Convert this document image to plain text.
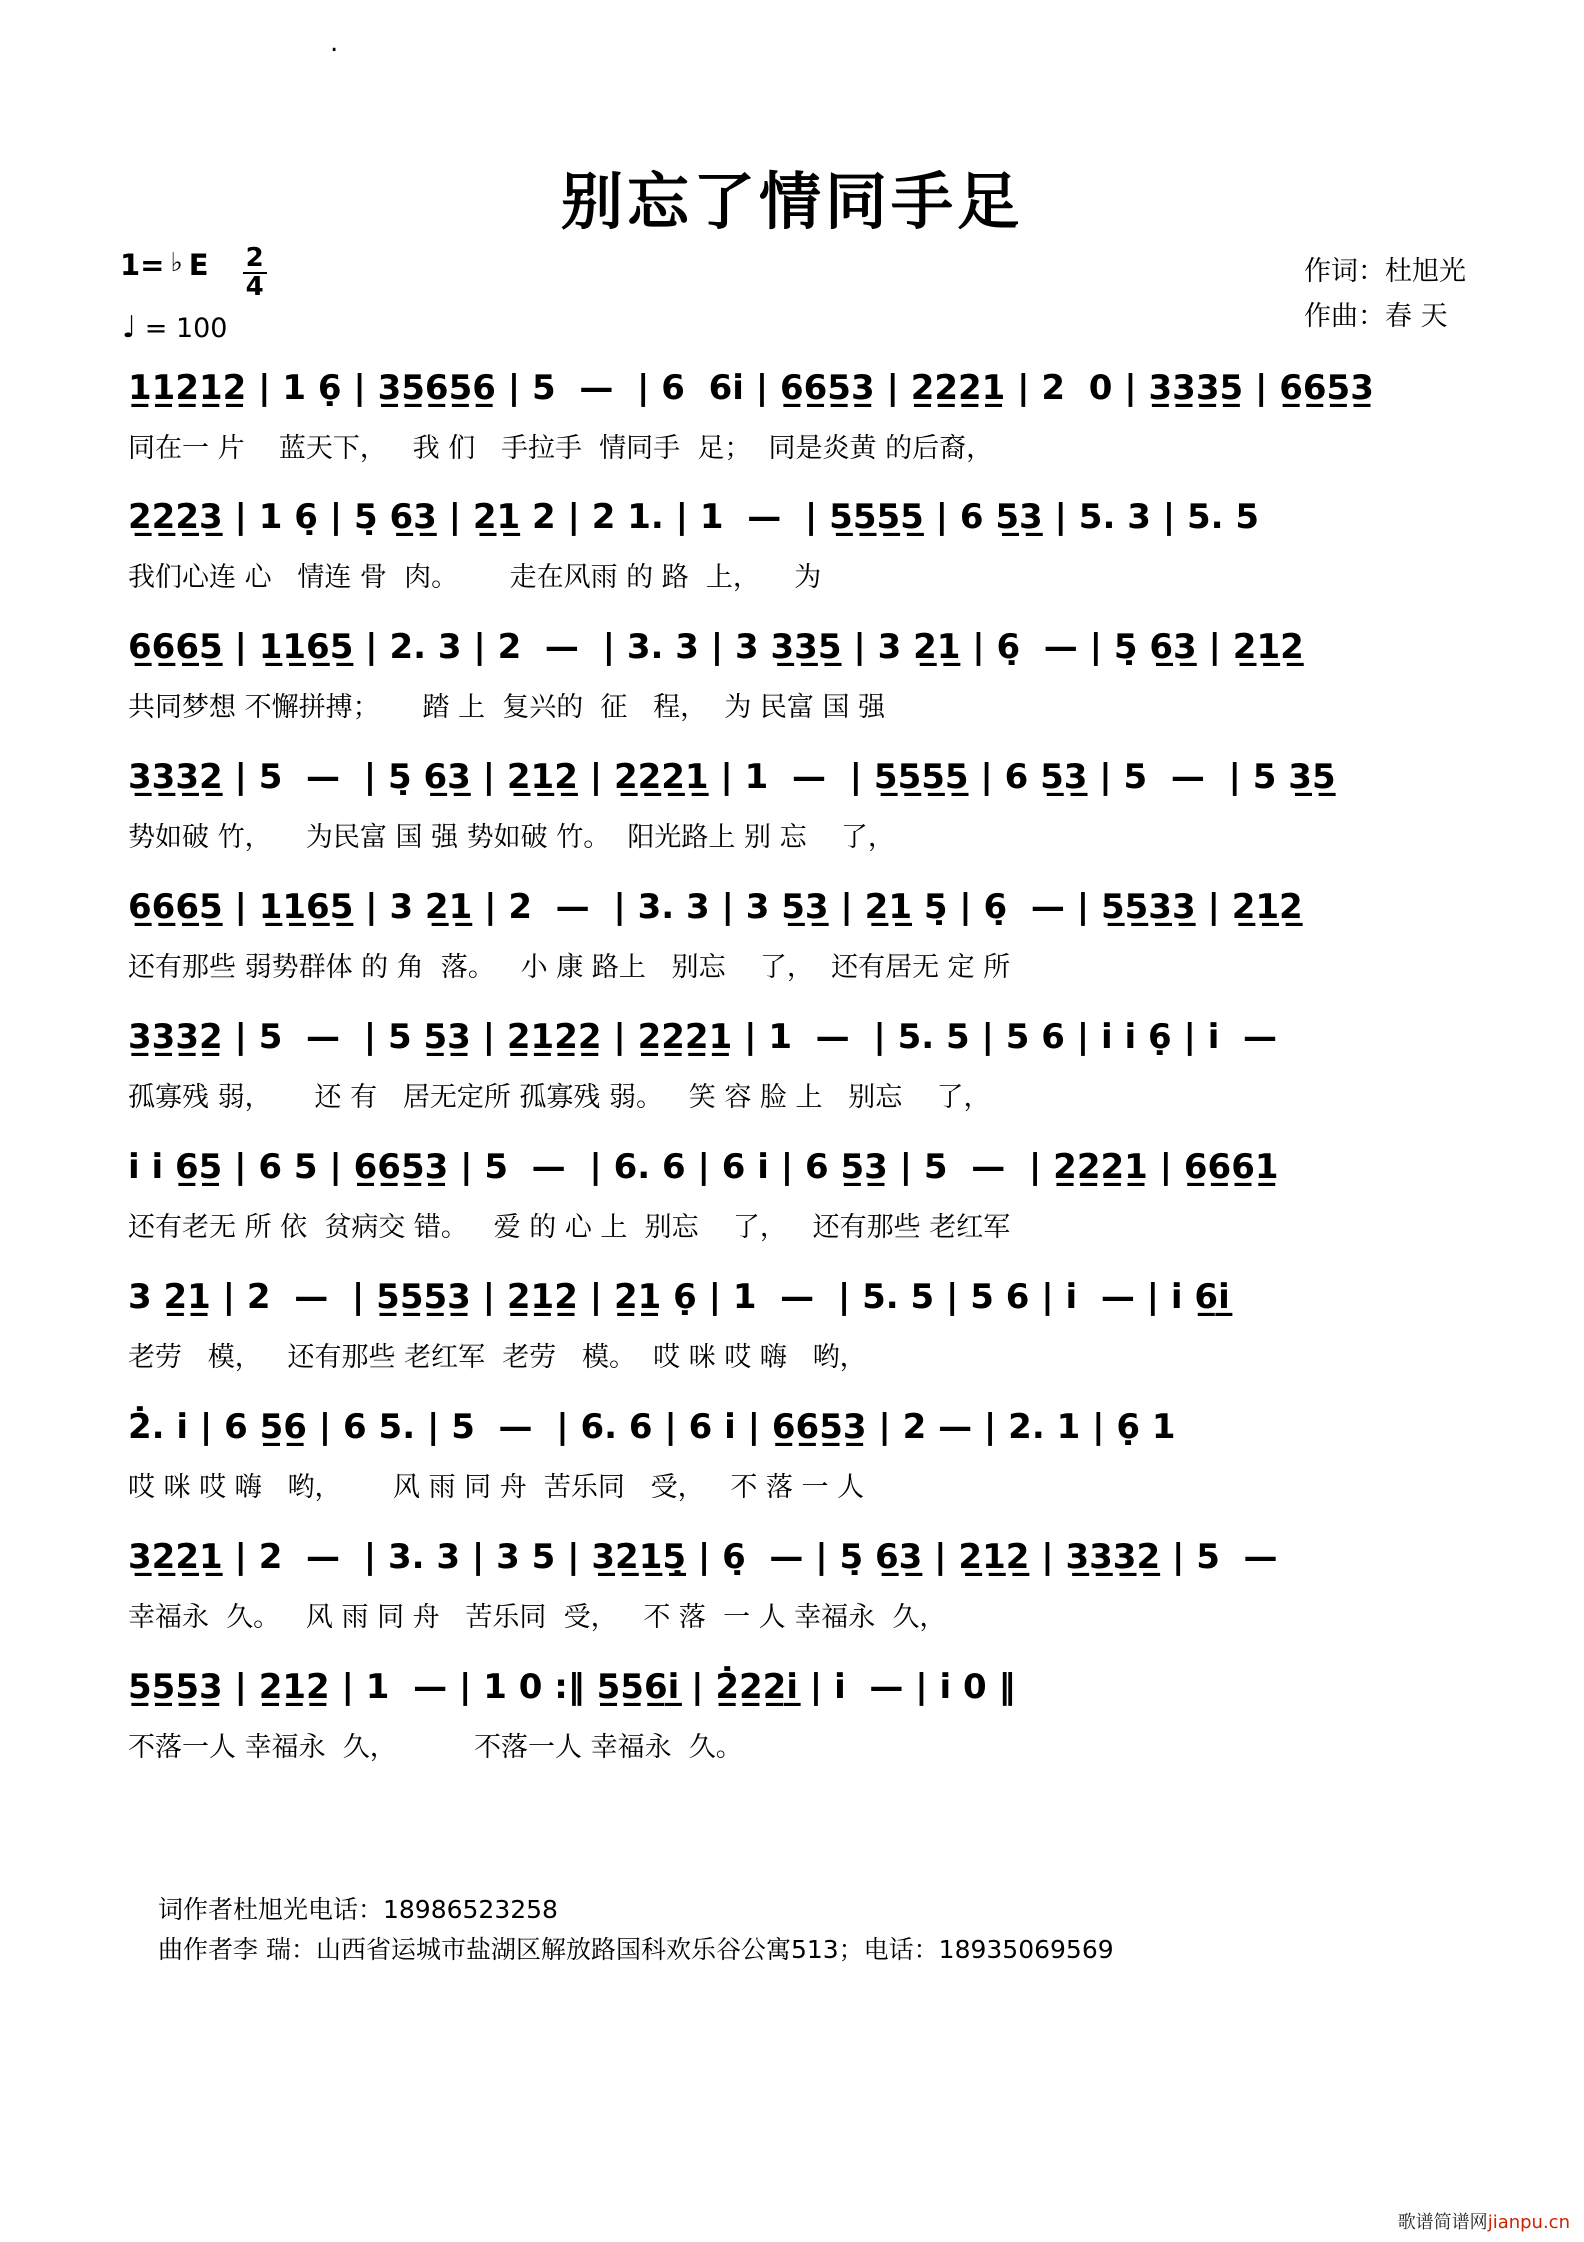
.
别忘了情同手足
1= ♭ E $\frac{2}{4}$
♩ = 100
作词：杜旭光
作曲：春 天
1̲1̲2̲1̲2̲ | 1 6̣ | 3̲5̲6̲5̲6̲ | 5  —  | 6  6i̇ | 6̲6̲5̲3̲ | 2̲2̲2̲1̲ | 2  0 | 3̲3̲3̲5̲ | 6̲6̲5̲3̲
同在一 片    蓝天下，   我 们   手拉手  情同手  足；  同是炎黄 的后裔，
2̲2̲2̲3̲ | 1 6̣ | 5̣ 6̲3̲ | 2̲1̲ 2 | 2 1. | 1  —  | 5̲5̲5̲5̲ | 6 5̲3̲ | 5. 3 | 5. 5
我们心连 心   情连 骨  肉。      走在风雨 的 路  上，    为
6̲6̲6̲5̲ | 1̲1̲6̲5̲ | 2. 3 | 2  —  | 3. 3 | 3 3̲3̲5̲ | 3 2̲1̲ | 6̣  — | 5̣ 6̲3̲ | 2̲1̲2̲
共同梦想 不懈拼搏；     踏 上  复兴的  征   程，  为 民富 国 强
3̲3̲3̲2̲ | 5  —  | 5̣ 6̲3̲ | 2̲1̲2̲ | 2̲2̲2̲1̲ | 1  —  | 5̲5̲5̲5̲ | 6 5̲3̲ | 5  —  | 5 3̲5̲
势如破 竹，    为民富 国 强 势如破 竹。  阳光路上 别 忘    了，
6̲6̲6̲5̲ | 1̲1̲6̲5̲ | 3 2̲1̲ | 2  —  | 3. 3 | 3 5̲3̲ | 2̲1̲ 5̣ | 6̣  — | 5̲5̲3̲3̲ | 2̲1̲2̲
还有那些 弱势群体 的 角  落。   小 康 路上   别忘    了，  还有居无 定 所
3̲3̲3̲2̲ | 5  —  | 5 5̲3̲ | 2̲1̲2̲2̲ | 2̲2̲2̲1̲ | 1  —  | 5. 5 | 5 6 | i̇ i̇ 6̣ | i̇  —
孤寡残 弱，     还 有   居无定所 孤寡残 弱。   笑 容 脸 上   别忘    了，
i̇ i̇ 6̲5̲ | 6 5 | 6̲6̲5̲3̲ | 5  —  | 6. 6 | 6 i̇ | 6 5̲3̲ | 5  —  | 2̲2̲2̲1̲ | 6̲6̲6̲1̲
还有老无 所 依  贫病交 错。   爱 的 心 上  别忘    了，   还有那些 老红军
3 2̲1̲ | 2  —  | 5̲5̲5̲3̲ | 2̲1̲2̲ | 2̲1̲ 6̣ | 1  —  | 5. 5 | 5 6 | i̇  — | i̇ 6̲i̲̇
老劳   模，   还有那些 老红军  老劳   模。  哎 咪 哎 嗨   哟，
2̇. i̇ | 6 5̲6̲ | 6 5. | 5  —  | 6. 6 | 6 i̇ | 6̲6̲5̲3̲ | 2 — | 2. 1 | 6̣ 1
哎 咪 哎 嗨   哟，      风 雨 同 舟  苦乐同   受，   不 落 一 人
3̲2̲2̲1̲ | 2  —  | 3. 3 | 3 5 | 3̲2̲1̲5̣̲ | 6̣  — | 5̣ 6̲3̲ | 2̲1̲2̲ | 3̲3̲3̲2̲ | 5  —
幸福永  久。   风 雨 同 舟   苦乐同  受，   不 落  一 人 幸福永  久，
5̲5̲5̲3̲ | 2̲1̲2̲ | 1  — | 1 0 :‖ 5̲5̲6̲i̲̇ | 2̲̇2̲2̲i̲̇ | i̇  — | i̇ 0 ‖
不落一人 幸福永  久，         不落一人 幸福永  久。
词作者杜旭光电话：18986523258
曲作者李 瑞：山西省运城市盐湖区解放路国科欢乐谷公寓513；电话：18935069569
歌谱简谱网jianpu.cn
